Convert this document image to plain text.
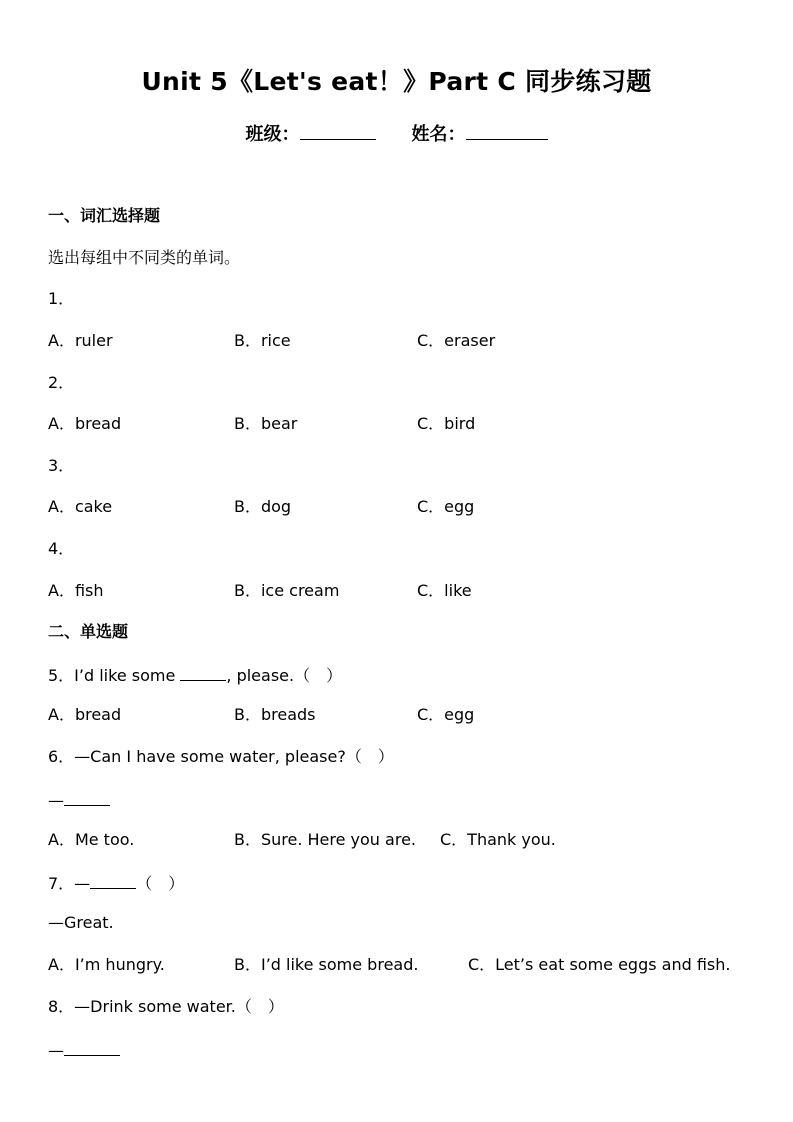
Unit 5《Let's eat！》Part C 同步练习题
班级：	姓名：
一、词汇选择题
选出每组中不同类的单词。
1．
A．ruler	B．rice	C．eraser
2．
A．bread	B．bear	C．bird
3．
A．cake	B．dog	C．egg
4．
A．fish	B．ice cream	C．like
二、单选题
5．I’d like some	, please.（　）
A．bread	B．breads	C．egg
6．—Can I have some water, please?（　）
—
A．Me too.	B．Sure. Here you are. C．Thank you.
7．—	（　）
—Great.
A．I’m hungry.	B．I’d like some bread.	C．Let’s eat some eggs and fish.
8．—Drink some water.（　）
—
